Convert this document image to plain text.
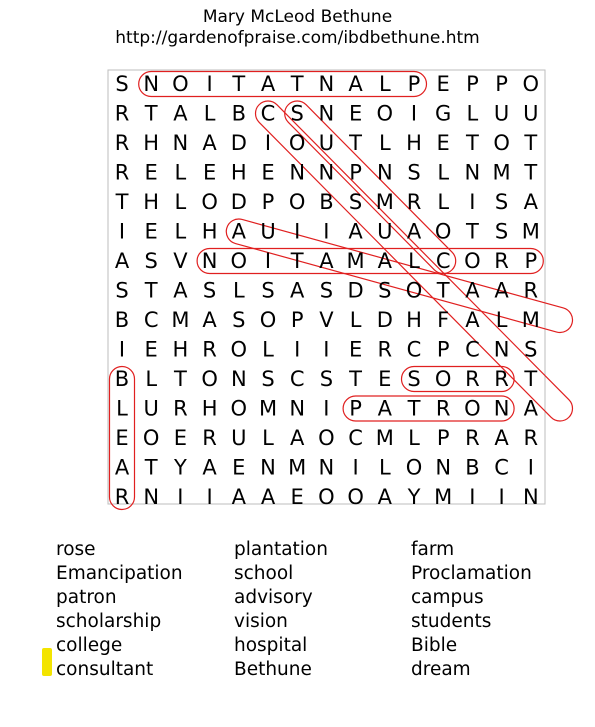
Mary McLeod Bethune
http://gardenofpraise.com/ibdbethune.htm
S N O I T A T N A L P E P P O
R T A L B C S N E O I G L U U
R H N A D I O U T L H E T O T
R E L E H E N N P N S L N M T
T H L O D P O B S M R L I S A
I E L H A U I I A U A O T S M
A S V N O I T A M A L C O R P
S T A S L S A S D S O T A A R
B C M A S O P V L D H F A L M
I E H R O L I I E R C P C N S
B L T O N S C S T E S O R R T
L U R H O M N I P A T R O N A
E O E R U L A O C M L P R A R
A T Y A E N M N I L O N B C I
R N I I A A E O O A Y M I I N
rose	plantation	farm
Emancipation	school	Proclamation
patron	advisory	campus
scholarship	vision	students
college	hospital	Bible
consultant	Bethune	dream
